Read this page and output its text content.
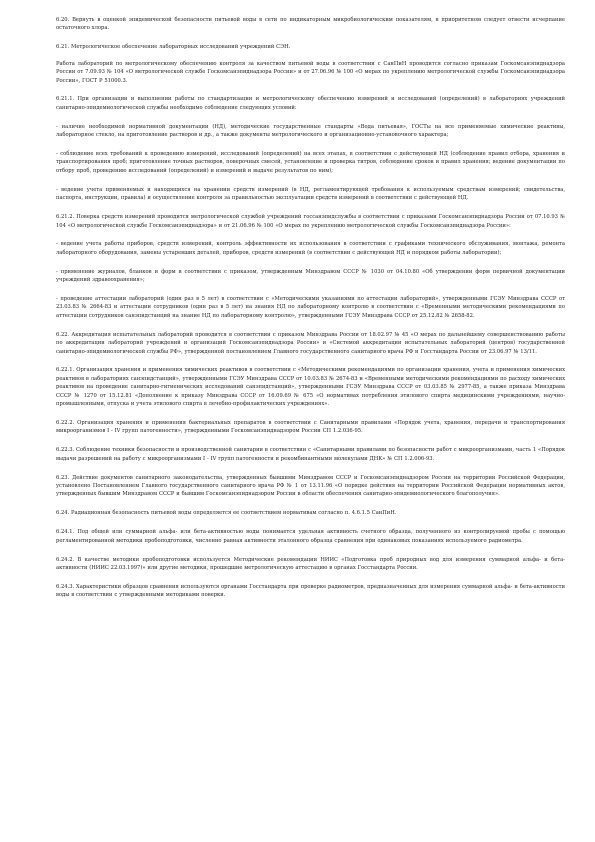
6.20. Вернуть в оценкой эпидемической безопасности питьевой воды в сети по индикаторным микробиологическим показателям, в приоритетном следует отвести исчерпание остаточного хлора.

6.21. Метрологическое обеспечение лабораторных исследований учреждений СЭН.

Работа лабораторий по метрологическому обеспечению контроля за качеством питьевой воды в соответствии с СанПиН проводится согласно приказам Госкомсанэпиднадзора России от 7.09.93 № 104 «О метрологической службе Госкомсанэпиднадзора России» и от 27.06.96 № 100 «О мерах по укреплению метрологической службы Госкомсанэпиднадзора России», ГОСТ Р 51000.3.

6.21.1. При организации и выполнении работы по стандартизации и метрологическому обеспечению измерений и исследований (определений) в лабораториях учреждений санитарно-эпидемиологической службы необходимо соблюдение следующих условий:

- наличие необходимой нормативной документации (НД), методические государственные стандарты «Вода питьевая», ГОСТы на все применяемые химические реактивы, лабораторное стекло, на приготовление растворов и др., а также документы метрологического и организационно-установочного характера;

- соблюдение всех требований к проведению измерений, исследований (определений) на всех этапах, в соответствии с действующей НД (соблюдение правил отбора, хранения и транспортирования проб; приготовление точных растворов, поверочных смесей, установление и проверка титров, соблюдение сроков и правил хранения; ведение документации по отбору проб, проведению исследований (определений) и измерений и выдаче результатов по ним);

- ведение учета применяемых и находящихся на хранении средств измерений (в НД, регламентирующей требования к используемым средствам измерений; свидетельства, паспорта, инструкции, правила) и осуществление контроля за правильностью эксплуатации средств измерений в соответствии с действующей НД.

6.21.2. Поверка средств измерений проводится метрологической службой учреждений госсанэпидслужбы в соответствии с приказами Госкомсанэпиднадзора России от 07.10.93 № 104 «О метрологической службе Госкомсанэпиднадзора» и от 21.06.96 № 100 «О мерах по укреплению метрологической службы Госкомсанэпиднадзора России»:

- ведение учета работы приборов, средств измерений, контроль эффективности их использования в соответствии с графиками технического обслуживания, монтажа, ремонта лабораторного оборудования, замены устаревших деталей, приборов, средств измерений (в соответствии с действующей НД и порядком работы лаборатории);

- применение журналов, бланков и форм в соответствии с приказом, утвержденным Минздравом СССР № 1030 от 04.10.80 «Об утверждении форм первичной документации учреждений здравоохранения»;

- проведение аттестации лабораторий (один раз в 5 лет) в соответствии с «Методическими указаниями по аттестации лабораторий», утвержденными ГСЭУ Минздрава СССР от 23.03.83 № 2664-83 и аттестации сотрудников (один раз в 5 лет) на знания НД по лабораторному контролю в соответствии с «Временными методическими рекомендациями по аттестации сотрудников санэпидстанций на знание НД по лабораторному контролю», утвержденными ГСЭУ Минздрава СССР от 25.12.82 № 2658-82.

6.22. Аккредитация испытательных лабораторий проводится в соответствии с приказом Минздрава России от 18.02.97 № 45 «О мерах по дальнейшему совершенствованию работы по аккредитации лабораторий учреждений и организаций Госкомсанэпиднадзора России» и «Системой аккредитации испытательных лабораторий (центров) государственной санитарно-эпидемиологической службы РФ», утвержденной постановлением Главного государственного санитарного врача РФ и Госстандарта России от 23.06.97 № 13/11.

6.22.1. Организация хранения и применения химических реактивов в соответствии с «Методическими рекомендациями по организации хранения, учета и применения химических реактивов в лабораториях санэпидстанций», утвержденными ГСЭУ Минздрава СССР от 10.03.83 № 2674-83 и «Временными методическими рекомендациями по расходу химических реактивов на проведение санитарно-гигиенических исследований санэпидстанций», утвержденными ГСЭУ Минздрава СССР от 03.03.85 № 2977-85, а также приказа Минздрава СССР № 1270 от 15.12.81 «Дополнение к приказу Минздрава СССР от 16.09.69 № 675 «О нормативах потребления этилового спирта медицинскими учреждениями, научно-промышленными, отпуска и учета этилового спирта в лечебно-профилактических учреждениях».

6.22.2. Организация хранения и применения бактериальных препаратов в соответствии с Санитарными правилами «Порядок учета, хранения, передачи и транспортирования микроорганизмов I - IV групп патогенности», утвержденными Госкомсанэпиднадзором России СП 1.2.036-95.

6.22.3. Соблюдение техники безопасности и производственной санитарии в соответствии с «Санитарными правилами по безопасности работ с микроорганизмами, часть 1 «Порядок выдачи разрешений на работу с микроорганизмами I - IV групп патогенности и рекомбинантными молекулами ДНК» № СП 1.2.006-93.

6.23. Действие документов санитарного законодательства, утвержденных бывшими Минздравом СССР и Госкомсанэпиднадзором России на территории Российской Федерации, установлено Постановлением Главного государственного санитарного врача РФ № 1 от 13.11.96 «О порядке действия на территории Российской Федерации нормативных актов, утвержденных бывшим Минздравом СССР и бывшим Госкомсанэпиднадзором России в области обеспечения санитарно-эпидемиологического благополучия».

6.24. Радиационная безопасность питьевой воды определяется ее соответствием нормативам согласно п. 4.6.1.5 СанПиН.

6.24.1. Под общей или суммарной альфа- или бета-активностью воды понимается удельная активность счетного образца, полученного из контролируемой пробы с помощью регламентированной методики пробоподготовки, численно равная активности эталонного образца сравнения при одинаковых показаниях используемого радиометра.

6.24.2. В качестве методики пробоподготовки используется Методические рекомендации НИИС «Подготовка проб природных вод для измерения суммарной альфа- и бета-активности (НИИС 22.03.1997)» или другие методики, прошедшие метрологическую аттестацию в органах Госстандарта России.

6.24.3. Характеристики образцов сравнения используются органами Госстандарта при проверке радиометров, предназначенных для измерения суммарной альфа- и бета-активности воды в соответствии с утвержденными методиками поверки.
